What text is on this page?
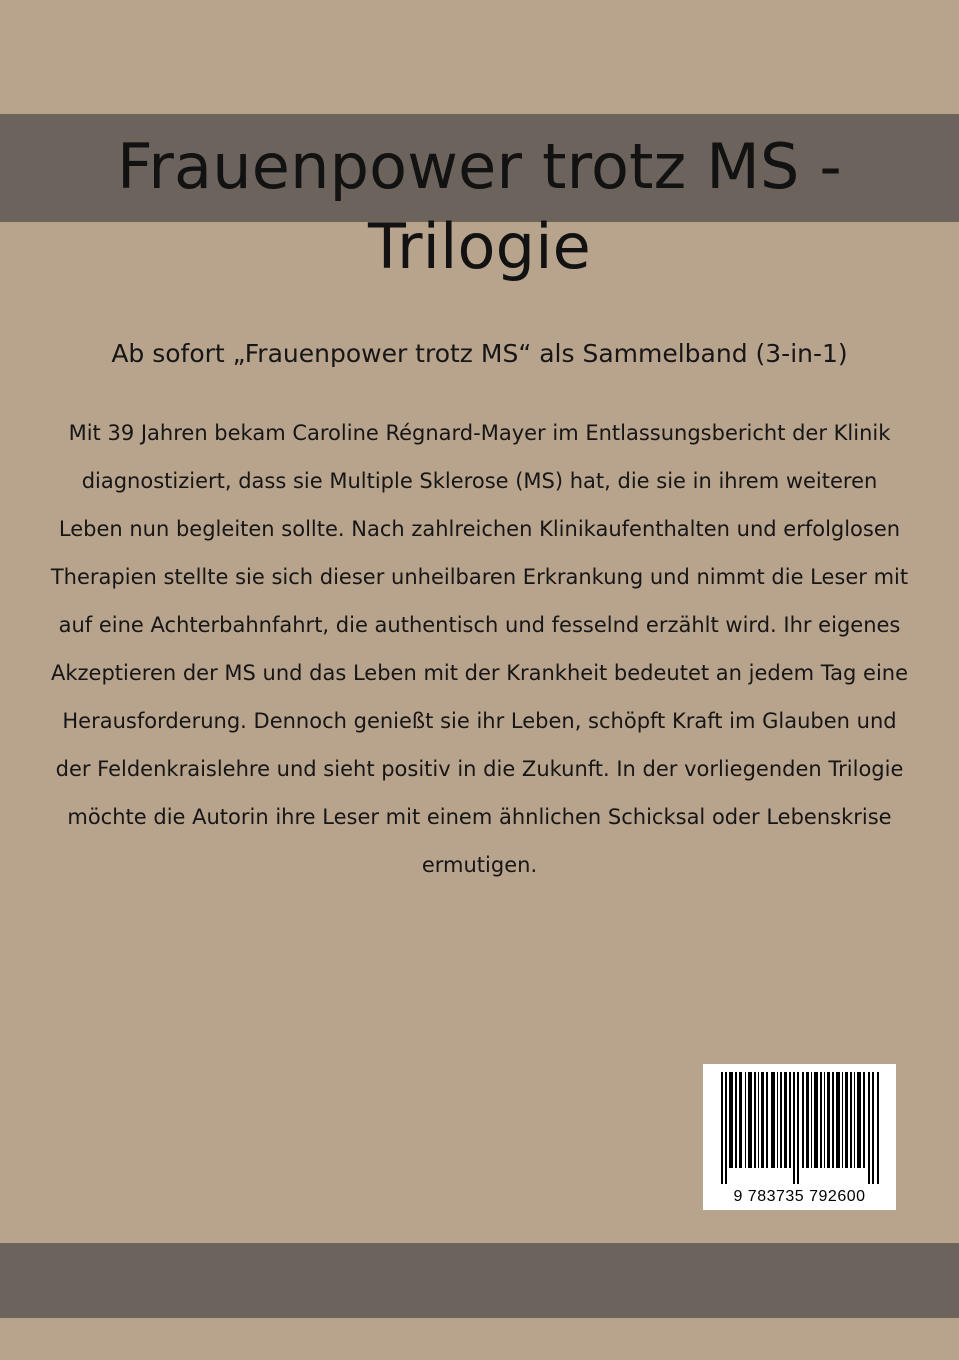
Frauenpower trotz MS - Trilogie
Ab sofort „Frauenpower trotz MS“ als Sammelband (3-in-1)
Mit 39 Jahren bekam Caroline Régnard-Mayer im Entlassungsbericht der Klinik diagnostiziert, dass sie Multiple Sklerose (MS) hat, die sie in ihrem weiteren Leben nun begleiten sollte. Nach zahlreichen Klinikaufenthalten und erfolglosen Therapien stellte sie sich dieser unheilbaren Erkrankung und nimmt die Leser mit auf eine Achterbahnfahrt, die authentisch und fesselnd erzählt wird. Ihr eigenes Akzeptieren der MS und das Leben mit der Krankheit bedeutet an jedem Tag eine Herausforderung. Dennoch genießt sie ihr Leben, schöpft Kraft im Glauben und der Feldenkraislehre und sieht positiv in die Zukunft. In der vorliegenden Trilogie möchte die Autorin ihre Leser mit einem ähnlichen Schicksal oder Lebenskrise ermutigen.
9 783735 792600
